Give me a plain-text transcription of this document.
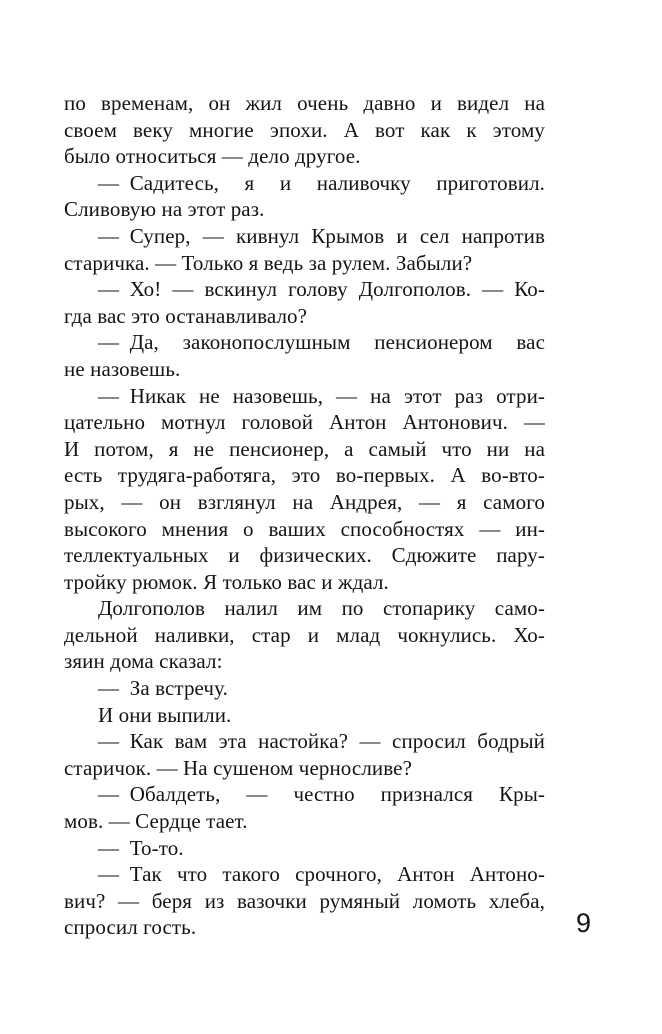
по временам, он жил очень давно и видел на
своем веку многие эпохи. А вот как к этому
было относиться — дело другое.
— Садитесь, я и наливочку приготовил.
Сливовую на этот раз.
— Супер, — кивнул Крымов и сел напротив
старичка. — Только я ведь за рулем. Забыли?
— Хо! — вскинул голову Долгополов. — Ко-
гда вас это останавливало?
— Да, законопослушным пенсионером вас
не назовешь.
— Никак не назовешь, — на этот раз отри-
цательно мотнул головой Антон Антонович. —
И потом, я не пенсионер, а самый что ни на
есть трудяга-работяга, это во-первых. А во-вто-
рых, — он взглянул на Андрея, — я самого
высокого мнения о ваших способностях — ин-
теллектуальных и физических. Сдюжите пару-
тройку рюмок. Я только вас и ждал.
Долгополов налил им по стопарику само-
дельной наливки, стар и млад чокнулись. Хо-
зяин дома сказал:
— За встречу.
И они выпили.
— Как вам эта настойка? — спросил бодрый
старичок. — На сушеном черносливе?
— Обалдеть, — честно признался Кры-
мов. — Сердце тает.
— То-то.
— Так что такого срочного, Антон Антоно-
вич? — беря из вазочки румяный ломоть хлеба,
спросил гость.	9
